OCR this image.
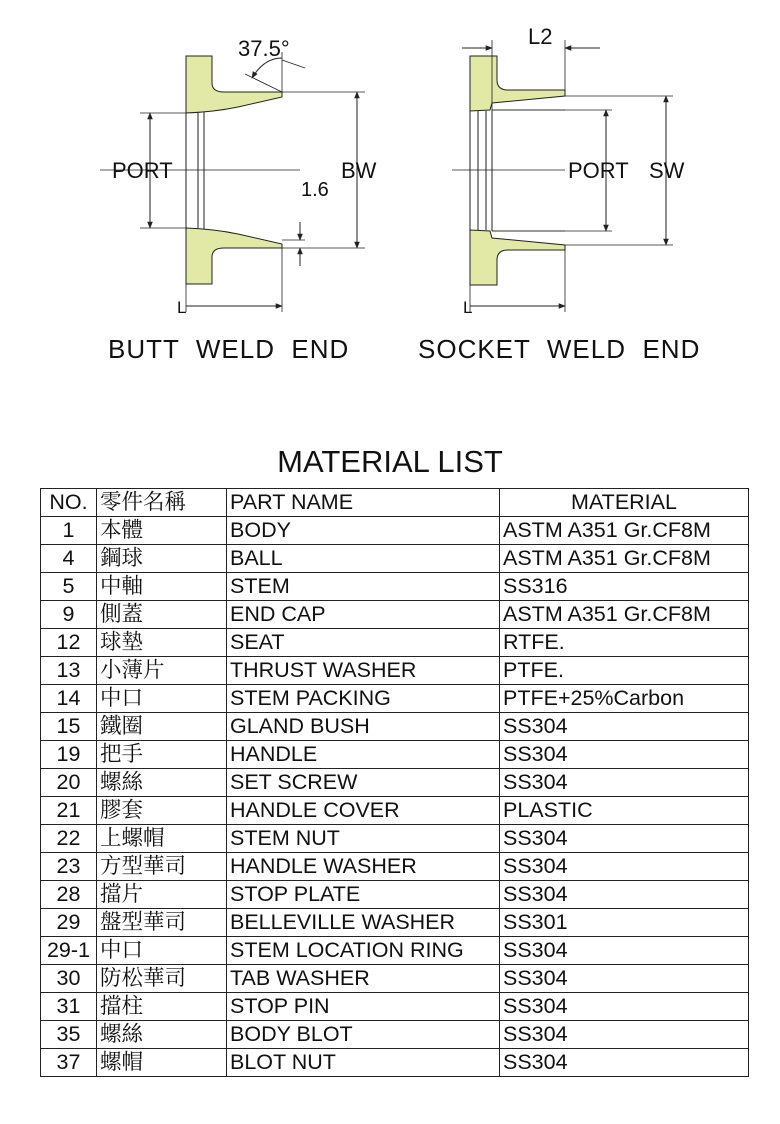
37.5°
PORT	BW
1.6
L
L2
PORT SW
L
BUTT  WELD  END	SOCKET  WELD  END
MATERIAL LIST
NO.	零件名稱	PART NAME	MATERIAL
1	本體	BODY	ASTM A351 Gr.CF8M
4	鋼球	BALL	ASTM A351 Gr.CF8M
5	中軸	STEM	SS316
9	側蓋	END CAP	ASTM A351 Gr.CF8M
12	球墊	SEAT	RTFE.
13	小薄片	THRUST WASHER	PTFE.
14	中口	STEM PACKING	PTFE+25%Carbon
15	鐵圈	GLAND BUSH	SS304
19	把手	HANDLE	SS304
20	螺絲	SET SCREW	SS304
21	膠套	HANDLE COVER	PLASTIC
22	上螺帽	STEM NUT	SS304
23	方型華司	HANDLE WASHER	SS304
28	擋片	STOP PLATE	SS304
29	盤型華司	BELLEVILLE WASHER	SS301
29-1	中口	STEM LOCATION RING	SS304
30	防松華司	TAB WASHER	SS304
31	擋柱	STOP PIN	SS304
35	螺絲	BODY BLOT	SS304
37	螺帽	BLOT NUT	SS304
